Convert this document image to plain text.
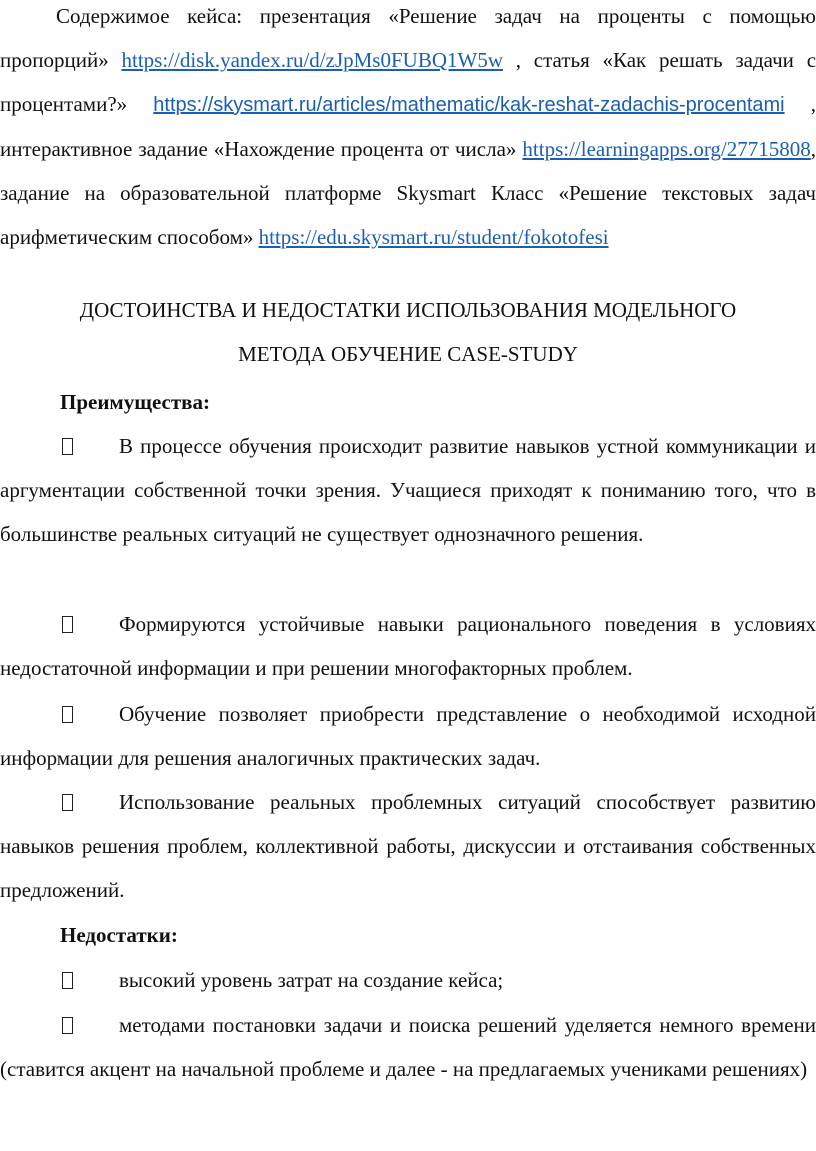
Содержимое кейса: презентация «Решение задач на проценты с помощью пропорций» https://disk.yandex.ru/d/zJpMs0FUBQ1W5w , статья «Как решать задачи с процентами?» https://skysmart.ru/articles/mathematic/kak-reshat-zadachis-procentami , интерактивное задание «Нахождение процента от числа» https://learningapps.org/27715808, задание на образовательной платформе Skysmart Класс «Решение текстовых задач арифметическим способом» https://edu.skysmart.ru/student/fokotofesi

ДОСТОИНСТВА И НЕДОСТАТКИ ИСПОЛЬЗОВАНИЯ МОДЕЛЬНОГО
МЕТОДА ОБУЧЕНИЕ CASE-STUDY

Преимущества:

В процессе обучения происходит развитие навыков устной коммуникации и аргументации собственной точки зрения. Учащиеся приходят к пониманию того, что в большинстве реальных ситуаций не существует однозначного решения.

Формируются устойчивые навыки рационального поведения в условиях недостаточной информации и при решении многофакторных проблем.

Обучение позволяет приобрести представление о необходимой исходной информации для решения аналогичных практических задач.

Использование реальных проблемных ситуаций способствует развитию навыков решения проблем, коллективной работы, дискуссии и отстаивания собственных предложений.

Недостатки:

высокий уровень затрат на создание кейса;

методами постановки задачи и поиска решений уделяется немного времени (ставится акцент на начальной проблеме и далее - на предлагаемых учениками решениях)
